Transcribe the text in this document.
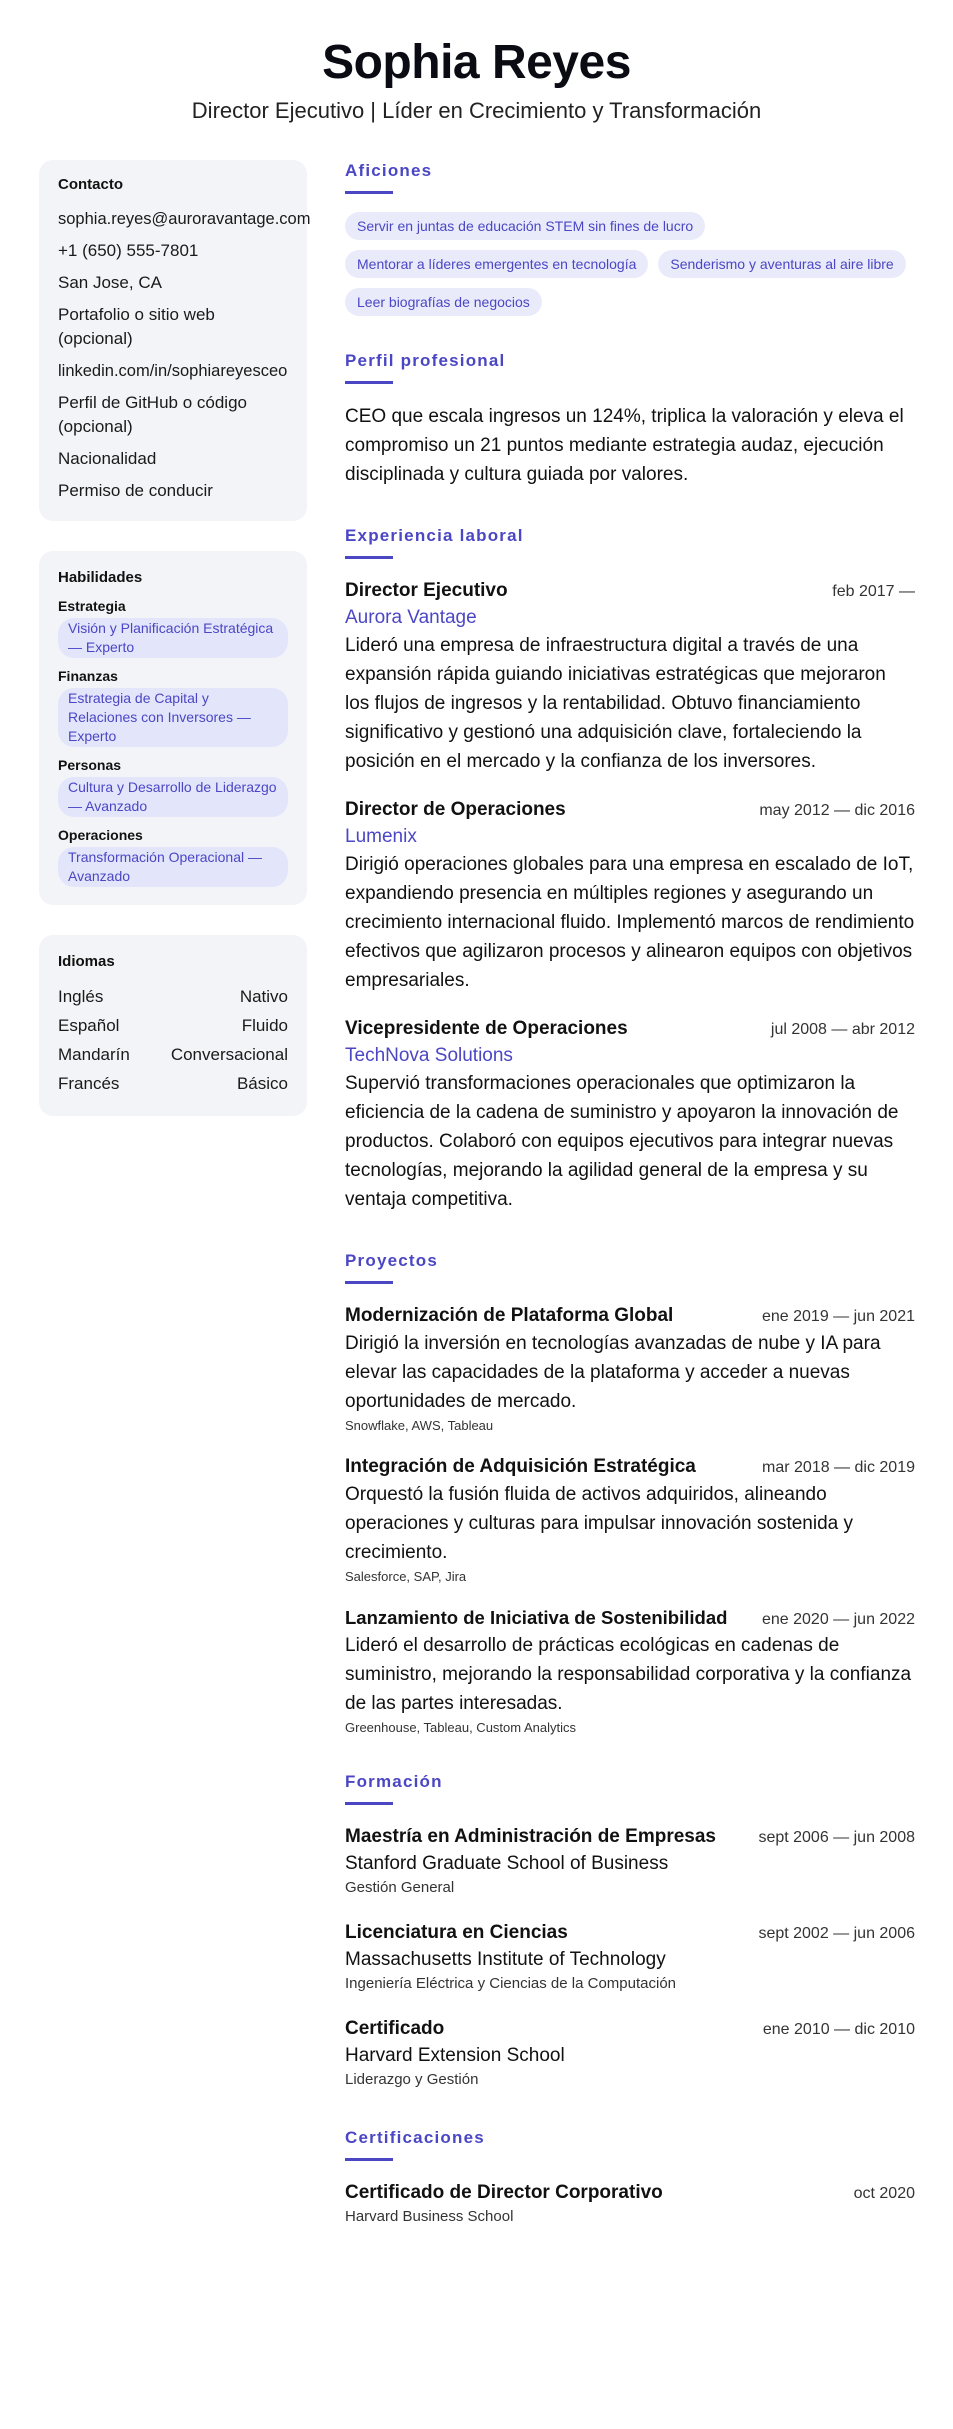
Sophia Reyes
Director Ejecutivo | Líder en Crecimiento y Transformación
Contacto
sophia.reyes@auroravantage.com
+1 (650) 555-7801
San Jose, CA
Portafolio o sitio web (opcional)
linkedin.com/in/sophiareyesceo
Perfil de GitHub o código (opcional)
Nacionalidad
Permiso de conducir
Habilidades
Estrategia
Visión y Planificación Estratégica — Experto
Finanzas
Estrategia de Capital y Relaciones con Inversores — Experto
Personas
Cultura y Desarrollo de Liderazgo — Avanzado
Operaciones
Transformación Operacional — Avanzado
Idiomas
Inglés	Nativo
Español	Fluido
Mandarín Conversacional
Francés	Básico
Aficiones
Servir en juntas de educación STEM sin fines de lucro
Mentorar a líderes emergentes en tecnología	Senderismo y aventuras al aire libre
Leer biografías de negocios
Perfil profesional
CEO que escala ingresos un 124%, triplica la valoración y eleva el compromiso un 21 puntos mediante estrategia audaz, ejecución disciplinada y cultura guiada por valores.
Experiencia laboral
Director Ejecutivo	feb 2017 —
Aurora Vantage
Lideró una empresa de infraestructura digital a través de una expansión rápida guiando iniciativas estratégicas que mejoraron los flujos de ingresos y la rentabilidad. Obtuvo financiamiento significativo y gestionó una adquisición clave, fortaleciendo la posición en el mercado y la confianza de los inversores.
Director de Operaciones	may 2012 — dic 2016
Lumenix
Dirigió operaciones globales para una empresa en escalado de IoT, expandiendo presencia en múltiples regiones y asegurando un crecimiento internacional fluido. Implementó marcos de rendimiento efectivos que agilizaron procesos y alinearon equipos con objetivos empresariales.
Vicepresidente de Operaciones	jul 2008 — abr 2012
TechNova Solutions
Supervió transformaciones operacionales que optimizaron la eficiencia de la cadena de suministro y apoyaron la innovación de productos. Colaboró con equipos ejecutivos para integrar nuevas tecnologías, mejorando la agilidad general de la empresa y su ventaja competitiva.
Proyectos
Modernización de Plataforma Global	ene 2019 — jun 2021
Dirigió la inversión en tecnologías avanzadas de nube y IA para elevar las capacidades de la plataforma y acceder a nuevas oportunidades de mercado.
Snowflake, AWS, Tableau
Integración de Adquisición Estratégica	mar 2018 — dic 2019
Orquestó la fusión fluida de activos adquiridos, alineando operaciones y culturas para impulsar innovación sostenida y crecimiento.
Salesforce, SAP, Jira
Lanzamiento de Iniciativa de Sostenibilidad ene 2020 — jun 2022
Lideró el desarrollo de prácticas ecológicas en cadenas de suministro, mejorando la responsabilidad corporativa y la confianza de las partes interesadas.
Greenhouse, Tableau, Custom Analytics
Formación
Maestría en Administración de Empresas	sept 2006 — jun 2008
Stanford Graduate School of Business
Gestión General
Licenciatura en Ciencias	sept 2002 — jun 2006
Massachusetts Institute of Technology
Ingeniería Eléctrica y Ciencias de la Computación
Certificado	ene 2010 — dic 2010
Harvard Extension School
Liderazgo y Gestión
Certificaciones
Certificado de Director Corporativo	oct 2020
Harvard Business School
